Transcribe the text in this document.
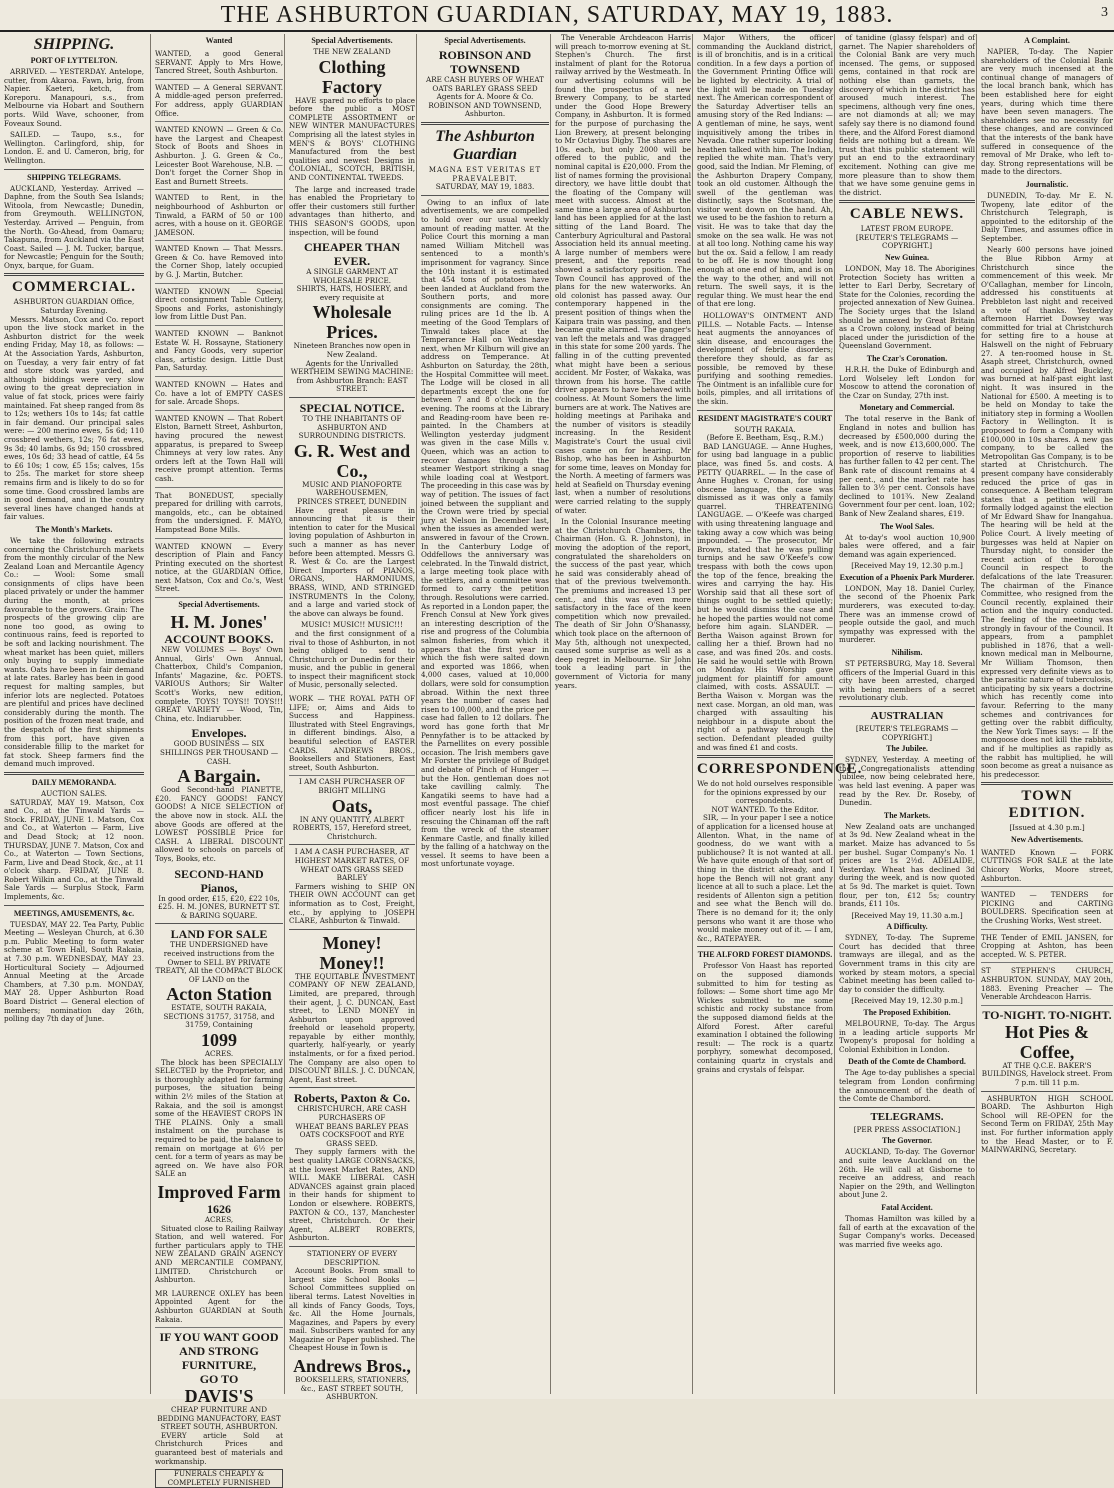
THE ASHBURTON GUARDIAN, SATURDAY, MAY 19, 1883.	3
SHIPPING.
PORT OF LYTTELTON.
ARRIVED. — YESTERDAY. Antelope, cutter, from Akaroa. Fawn, brig, from Napier. Kaeteri, ketch, from Koreporu. Manapouri, s.s., from Melbourne via Hobart and Southern ports. Wild Wave, schooner, from Foveaux Sound.
SAILED. — Taupo, s.s., for Wellington. Carlingford, ship, for London. E. and U. Cameron, brig, for Wellington.
SHIPPING TELEGRAMS.
AUCKLAND, Yesterday. Arrived — Daphne, from the South Sea Islands; Witoola, from Newcastle; Dunedin, from Greymouth. WELLINGTON, Yesterday. Arrived — Penguin, from the North. Go-Ahead, from Oamaru; Takapuna, from Auckland via the East Coast. Sailed — J. M. Tucker, barque, for Newcastle; Penguin for the South; Onyx, barque, for Guam.
COMMERCIAL.
ASHBURTON GUARDIAN Office, Saturday Evening.
Messrs. Matson, Cox and Co. report upon the live stock market in the Ashburton district for the week ending Friday, May 18, as follows: — At the Association Yards, Ashburton, on Tuesday, a very fair entry of fat and store stock was yarded, and although biddings were very slow owing to the great depreciation in value of fat stock, prices were fairly maintained. Fat sheep ranged from 8s to 12s; wethers 10s to 14s; fat cattle in fair demand. Our principal sales were: — 200 merino ewes, 5s 6d; 110 crossbred wethers, 12s; 76 fat ewes, 9s 3d; 40 lambs, 6s 9d; 150 crossbred ewes, 10s 6d; 33 head of cattle, £4 5s to £6 10s; 1 cow, £5 15s; calves, 15s to 25s. The market for store sheep remains firm and is likely to do so for some time. Good crossbred lambs are in good demand, and in the country several lines have changed hands at fair values.
The Month's Markets.
We take the following extracts concerning the Christchurch markets from the monthly circular of the New Zealand Loan and Mercantile Agency Co.: — Wool: Some small consignments of clips have been placed privately or under the hammer during the month, at prices favourable to the growers. Grain: The prospects of the growing clip are none too good, as owing to continuous rains, feed is reported to be soft and lacking nourishment. The wheat market has been quiet, millers only buying to supply immediate wants. Oats have been in fair demand at late rates. Barley has been in good request for malting samples, but inferior lots are neglected. Potatoes are plentiful and prices have declined considerably during the month. The position of the frozen meat trade, and the despatch of the first shipments from this port, have given a considerable fillip to the market for fat stock. Sheep farmers find the demand much improved.
DAILY MEMORANDA.
AUCTION SALES.
SATURDAY, MAY 19. Matson, Cox and Co., at the Tinwald Yards — Stock. FRIDAY, JUNE 1. Matson, Cox and Co., at Waterton — Farm, Live and Dead Stock; at 12 noon. THURSDAY, JUNE 7. Matson, Cox and Co., at Waterton — Town Sections, Farm, Live and Dead Stock, &c., at 11 o'clock sharp. FRIDAY, JUNE 8. Robert Wilkin and Co., at the Tinwald Sale Yards — Surplus Stock, Farm Implements, &c.
MEETINGS, AMUSEMENTS, &c.
TUESDAY, MAY 22. Tea Party, Public Meeting — Wesleyan Church, at 6.30 p.m. Public Meeting to form water scheme at Town Hall, South Rakaia, at 7.30 p.m. WEDNESDAY, MAY 23. Horticultural Society — Adjourned Annual Meeting at the Arcade Chambers, at 7.30 p.m. MONDAY, MAY 28. Upper Ashburton Road Board District — General election of members; nomination day 26th, polling day 7th day of June.
Wanted
WANTED, a good General SERVANT. Apply to Mrs Howe, Tancred Street, South Ashburton.
WANTED — A General SERVANT. A middle-aged person preferred. For address, apply GUARDIAN Office.
WANTED KNOWN — Green & Co. have the Largest and Cheapest Stock of Boots and Shoes in Ashburton. J. G. Green & Co., Leicester Boot Warehouse, N.B. — Don't forget the Corner Shop in East and Burnett Streets.
WANTED to Rent, in the neighbourhood of Ashburton or Tinwald, a FARM of 50 or 100 acres, with a house on it. GEORGE JAMESON.
WANTED Known — That Messrs. Green & Co. have Removed into the Corner Shop, lately occupied by G. J. Martin, Butcher.
WANTED KNOWN — Special direct consignment Table Cutlery, Spoons and Forks, astonishingly low from Little Dust Pan.
WANTED KNOWN — Banknot Estate W. H. Rossayne, Stationery and Fancy Goods, very superior class, artistic design. Little Dust Pan, Saturday.
WANTED KNOWN — Hates and Co. have a lot of EMPTY CASES for sale. Arcade Shops.
WANTED KNOWN — That Robert Elston, Barnett Street, Ashburton, having procured the newest apparatus, is prepared to Sweep Chimneys at very low rates. Any orders left at the Town Hall will receive prompt attention. Terms cash.
That BONEDUST, specially prepared for drilling with carrots, mangolds, etc., can be obtained from the undersigned. F. MAYO, Hampstead Bone Mills.
WANTED KNOWN — Every description of Plain and Fancy Printing executed on the shortest notice, at the GUARDIAN Office, next Matson, Cox and Co.'s, West Street.
Special Advertisements.
H. M. Jones'
ACCOUNT BOOKS.
NEW VOLUMES — Boys' Own Annual, Girls' Own Annual, Chatterbox, Child's Companion, Infants' Magazine, &c. POETS. VARIOUS Authors; Sir Walter Scott's Works, new edition, complete. TOYS! TOYS!! TOYS!!! GREAT VARIETY — Wood, Tin, China, etc. Indiarubber.
Envelopes.
GOOD BUSINESS — SIX SHILLINGS PER THOUSAND — CASH.
A Bargain.
Good Second-hand PIANETTE, £20. FANCY GOODS! FANCY GOODS! A NICE SELECTION of the above now in stock. ALL the above Goods are offered at the LOWEST POSSIBLE Price for CASH. A LIBERAL DISCOUNT allowed to schools on parcels of Toys, Books, etc.
SECOND-HAND Pianos,
In good order, £15, £20, £22 10s, £25. H. M. JONES, BURNETT ST. & BARING SQUARE.
LAND FOR SALE
THE UNDERSIGNED have received instructions from the Owner to SELL BY PRIVATE TREATY, All the COMPACT BLOCK OF LAND on the
Acton Station
ESTATE, SOUTH RAKAIA, SECTIONS 31757, 31758, and 31759, Containing
1099
ACRES.
The block has been SPECIALLY SELECTED by the Proprietor, and is thoroughly adapted for farming purposes, the situation being within 2½ miles of the Station at Rakaia, and the soil is amongst some of the HEAVIEST CROPS IN THE PLAINS. Only a small instalment on the purchase is required to be paid, the balance to remain on mortgage at 6½ per cent. for a term of years as may be agreed on. We have also FOR SALE an
Improved Farm
1626
ACRES,
Situated close to Railing Railway Station, and well watered. For further particulars apply to THE NEW ZEALAND GRAIN AGENCY AND MERCANTILE COMPANY, LIMITED. Christchurch or Ashburton.
MR LAURENCE OXLEY has been Appointed Agent for the Ashburton GUARDIAN at South Rakaia.
IF YOU WANT GOOD AND STRONG FURNITURE,
GO TO
DAVIS'S
CHEAP FURNITURE AND BEDDING MANUFACTORY, EAST STREET SOUTH, ASHBURTON.
EVERY article Sold at Christchurch Prices and guaranteed best of materials and workmanship.
FUNERALS CHEAPLY & COMPLETELY FURNISHED
Special Advertisements.
THE NEW ZEALAND
Clothing Factory
HAVE spared no efforts to place before the public a MOST COMPLETE ASSORTMENT or NEW WINTER MANUFACTURES Comprising all the latest styles in MEN'S & BOYS' CLOTHING Manufactured from the best qualities and newest Designs in COLONIAL, SCOTCH, BRITISH, AND CONTINENTAL TWEEDS.
The large and increased trade has enabled the Proprietary to offer their customers still further advantages than hitherto, and THIS SEASON'S GOODS, upon inspection, will be found
CHEAPER THAN EVER.
A SINGLE GARMENT AT WHOLESALE PRICE.
SHIRTS, HATS, HOSIERY, and every requisite at
Wholesale Prices.
Nineteen Branches now open in New Zealand.
Agents for the Unrivalled WERTHEIM SEWING MACHINE: from Ashburton Branch: EAST STREET.
SPECIAL NOTICE.
TO THE INHABITANTS OF ASHBURTON AND SURROUNDING DISTRICTS.
G. R. West and Co.,
MUSIC AND PIANOFORTE WAREHOUSEMEN,
PRINCES STREET, DUNEDIN
Have great pleasure in announcing that it is their intention to cater for the Musical loving population of Ashburton in such a manner as has never before been attempted. Messrs G. R. West & Co. are the Largest Direct Importers of PIANOS, ORGANS, HARMONIUMS, BRASS, WIND, AND STRINGED INSTRUMENTS In the Colony, and a large and varied stock of the above can always be found.
MUSIC! MUSIC!! MUSIC!!!
and the first consignment of a rival to those of Ashburton, in not being obliged to send to Christchurch or Dunedin for their music, and the public in general to inspect their magnificent stock of Music, personally selected.
WORK — THE ROYAL PATH OF LIFE; or, Aims and Aids to Success and Happiness. Illustrated with Steel Engravings, in different bindings. Also, a beautiful selection of EASTER CARDS. ANDREWS BROS., Booksellers and Stationers, East street, South Ashburton.
I AM CASH PURCHASER OF BRIGHT MILLING
Oats,
IN ANY QUANTITY, ALBERT ROBERTS, 157, Hereford street, Christchurch.
I AM A CASH PURCHASER, AT HIGHEST MARKET RATES, OF WHEAT OATS GRASS SEED BARLEY
Farmers wishing to SHIP ON THEIR OWN ACCOUNT can get information as to Cost, Freight, etc., by applying to JOSEPH CLARE, Ashburton & Tinwald.
Money! Money!!
THE EQUITABLE INVESTMENT COMPANY OF NEW ZEALAND, Limited, are prepared, through their agent, J. C. DUNCAN, East street, to LEND MONEY in Ashburton upon approved freehold or leasehold property, repayable by either monthly, quarterly, half-yearly, or yearly instalments, or for a fixed period. The Company are also open to DISCOUNT BILLS. J. C. DUNCAN, Agent, East street.
Roberts, Paxton & Co.
CHRISTCHURCH, ARE CASH PURCHASERS OF
WHEAT BEANS BARLEY PEAS OATS COCKSFOOT and RYE GRASS SEED.
They supply farmers with the best quality LARGE CORNSACKS, at the lowest Market Rates, AND WILL MAKE LIBERAL CASH ADVANCES against grain placed in their hands for shipment to London or elsewhere. ROBERTS, PAXTON & CO., 137, Manchester street, Christchurch. Or their Agent, ALBERT ROBERTS, Ashburton.
STATIONERY OF EVERY DESCRIPTION.
Account Books. From small to largest size School Books — School Committees supplied on liberal terms. Latest Novelties in all kinds of Fancy Goods, Toys, &c. All the Home Journals, Magazines, and Papers by every mail. Subscribers wanted for any Magazine or Paper published. The Cheapest House in Town is
Andrews Bros.,
BOOKSELLERS, STATIONERS, &c., EAST STREET SOUTH, ASHBURTON.
Special Advertisements.
ROBINSON AND TOWNSEND
ARE CASH BUYERS OF WHEAT OATS BARLEY GRASS SEED
Agents for A. Moore & Co. ROBINSON AND TOWNSEND, Ashburton.
The Ashburton Guardian
MAGNA EST VERITAS ET PRAEVALEBIT.
SATURDAY, MAY 19, 1883.
Owing to an influx of late advertisements, we are compelled to hold over our usual weekly amount of reading matter. At the Police Court this morning a man named William Mitchell was sentenced to a month's imprisonment for vagrancy. Since the 10th instant it is estimated that 454 tons of potatoes have been landed at Auckland from the Southern ports, and more consignments are coming. The ruling prices are 1d the lb. A meeting of the Good Templars of Tinwald takes place at the Temperance Hall on Wednesday next, when Mr Kilburn will give an address on Temperance. At Ashburton on Saturday, the 28th, the Hospital Committee will meet. The Lodge will be closed in all departments except the one for between 7 and 8 o'clock in the evening. The rooms at the Library and Reading-room have been re-painted. In the Chambers at Wellington yesterday judgment was given in the case Mills v. Queen, which was an action to recover damages through the steamer Westport striking a snag while loading coal at Westport. The proceeding in this case was by way of petition. The issues of fact joined between the suppliant and the Crown were tried by special jury at Nelson in December last, when the issues as amended were answered in favour of the Crown. In the Canterbury Lodge of Oddfellows the anniversary was celebrated. In the Tinwald district, a large meeting took place with the settlers, and a committee was formed to carry the petition through. Resolutions were carried. As reported in a London paper, the French Consul at New York gives an interesting description of the rise and progress of the Columbia salmon fisheries, from which it appears that the first year in which the fish were salted down and exported was 1866, when 4,000 cases, valued at 10,000 dollars, were sold for consumption abroad. Within the next three years the number of cases had risen to 100,000, and the price per case had fallen to 12 dollars. The word has gone forth that Mr Pennyfather is to be attacked by the Parnellites on every possible occasion. The Irish members gave Mr Forster the privilege of Budget and debate of Pinch of Hunger — but the Hon. gentleman does not take cavilling calmly. The Kangatiki seems to have had a most eventful passage. The chief officer nearly lost his life in rescuing the Chinaman off the raft from the wreck of the steamer Kenmare Castle, and finally killed by the falling of a hatchway on the vessel. It seems to have been a most unfortunate voyage.
The Venerable Archdeacon Harris will preach to-morrow evening at St. Stephen's Church. The first instalment of plant for the Rotorua railway arrived by the Westmeath. In our advertising columns will be found the prospectus of a new Brewery Company, to be started under the Good Hope Brewery Company, in Ashburton. It is formed for the purpose of purchasing the Lion Brewery, at present belonging to Mr Octavius Digby. The shares are 10s. each, but only 2000 will be offered to the public, and the nominal capital is £20,000. From the list of names forming the provisional directory, we have little doubt that the floating of the Company will meet with success. Almost at the same time a large area of Ashburton land has been applied for at the last sitting of the Land Board. The Canterbury Agricultural and Pastoral Association held its annual meeting. A large number of members were present, and the reports read showed a satisfactory position. The Town Council has approved of the plans for the new waterworks. An old colonist has passed away. Our contemporary happened in the present position of things when the Kaipara train was passing, and then became quite alarmed. The ganger's van left the metals and was dragged in this state for some 200 yards. The falling in of the cutting prevented what might have been a serious accident. Mr Foster, of Wakaka, was thrown from his horse. The cattle driver appears to have behaved with coolness. At Mount Somers the lime burners are at work. The Natives are holding meetings at Parihaka and the number of visitors is steadily increasing. In the Resident Magistrate's Court the usual civil cases came on for hearing. Mr Bishop, who has been in Ashburton for some time, leaves on Monday for the North. A meeting of farmers was held at Seafield on Thursday evening last, when a number of resolutions were carried relating to the supply of water.
In the Colonial Insurance meeting at the Christchurch Chambers, the Chairman (Hon. G. R. Johnston), in moving the adoption of the report, congratulated the shareholders on the success of the past year, which he said was considerably ahead of that of the previous twelvemonth. The premiums and increased 13 per cent., and this was even more satisfactory in the face of the keen competition which now prevailed. The death of Sir John O'Shanassy, which took place on the afternoon of May 5th, although not unexpected, caused some surprise as well as a deep regret in Melbourne. Sir John took a leading part in the government of Victoria for many years.
Major Withers, the officer commanding the Auckland district, is ill of bronchitis, and is in a critical condition. In a few days a portion of the Government Printing Office will be lighted by electricity. A trial of the light will be made on Tuesday next. The American correspondent of the Saturday Advertiser tells an amusing story of the Red Indians: — A gentleman of mine, he says, went inquisitively among the tribes in Nevada. One rather superior looking heathen talked with him. The Indian, replied the white man. That's very good, said the Indian. Mr Fleming, of the Ashburton Drapery Company, took an old customer. Although the swell of the gentleman was distinctly, says the Scotsman, the visitor went down on the hand. Ah, we used to be the fashion to return a visit. He was to take that day the smoke on the sea walk. He was not at all too long. Nothing came his way but the ox. Said a fellow, I am ready to be off. He is now thought long enough at one end of him, and is on the way to the other, and will not return. The swell says, it is the regular thing. We must hear the end of that ere long.
HOLLOWAY'S OINTMENT AND PILLS. — Notable Facts. — Intense heat augments the annoyances of skin disease, and encourages the development of febrile disorders; therefore they should, as far as possible, be removed by these purifying and soothing remedies. The Ointment is an infallible cure for boils, pimples, and all irritations of the skin.
RESIDENT MAGISTRATE'S COURT
SOUTH RAKAIA.
(Before E. Beetham, Esq., R.M.)
BAD LANGUAGE. — Anne Hughes, for using bad language in a public place, was fined 5s. and costs. A PETTY QUARREL. — In the case of Anne Hughes v. Cronan, for using obscene language, the case was dismissed as it was only a family quarrel. THREATENING LANGUAGE. — O'Keefe was charged with using threatening language and taking away a cow which was being impounded. — The prosecutor, Mr Brown, stated that he was pulling turnips and he saw O'Keefe's cow trespass with both the cows upon the top of the fence, breaking the wires and carrying the hay. His Worship said that all these sort of things ought to be settled quietly; but he would dismiss the case and he hoped the parties would not come before him again. SLANDER. — Bertha Waison against Brown for calling her a thief. Brown had no case, and was fined 20s. and costs. He said he would settle with Brown on Monday. His Worship gave judgment for plaintiff for amount claimed, with costs. ASSAULT. — Bertha Waison v. Morgan was the next case. Morgan, an old man, was charged with assaulting his neighbour in a dispute about the right of a pathway through the section. Defendant pleaded guilty and was fined £1 and costs.
CORRESPONDENCE.
We do not hold ourselves responsible for the opinions expressed by our correspondents.
NOT WANTED. To the Editor.
SIR, — In your paper I see a notice of application for a licensed house at Allenton. What, in the name of goodness, do we want with a publichouse? It is not wanted at all. We have quite enough of that sort of thing in the district already, and I hope the Bench will not grant any licence at all to such a place. Let the residents of Allenton sign a petition and see what the Bench will do. There is no demand for it; the only persons who want it are those who would make money out of it. — I am, &c., RATEPAYER.
THE ALFORD FOREST DIAMONDS.
Professor Von Haast has reported on the supposed diamonds submitted to him for testing as follows: — Some short time ago Mr Wickes submitted to me some schistic and rocky substance from the supposed diamond fields at the Alford Forest. After careful examination I obtained the following result: — The rock is a quartz porphyry, somewhat decomposed, containing quartz in crystals and grains and crystals of felspar.
of tanidine (glassy felspar) and of garnet. The Napier shareholders of the Colonial Bank are very much incensed. The gems, or supposed gems, contained in that rock are nothing else than garnets, the discovery of which in the district has aroused much interest. The specimens, although very fine ones, are not diamonds at all; we may safely say there is no diamond found there, and the Alford Forest diamond fields are nothing but a dream. We trust that this public statement will put an end to the extraordinary excitement. Nothing can give me more pleasure than to show them that we have some genuine gems in the district.
CABLE NEWS.
LATEST FROM EUROPE.
[REUTER'S TELEGRAMS — COPYRIGHT.]
New Guinea.
LONDON, May 18. The Aborigines Protection Society has written a letter to Earl Derby, Secretary of State for the Colonies, recording the projected annexation of New Guinea. The Society urges that the Island should be annexed by Great Britain as a Crown colony, instead of being placed under the jurisdiction of the Queensland Government.
The Czar's Coronation.
H.R.H. the Duke of Edinburgh and Lord Wolseley left London for Moscow to attend the coronation of the Czar on Sunday, 27th inst.
Monetary and Commercial.
The total reserve in the Bank of England in notes and bullion has decreased by £500,000 during the week, and is now £13,600,000. The proportion of reserve to liabilities has further fallen to 42 per cent. The Bank rate of discount remains at 4 per cent., and the market rate has fallen to 3½ per cent. Consols have declined to 101¾. New Zealand Government four per cent. loan, 102; Bank of New Zealand shares, £19.
The Wool Sales.
At to-day's wool auction 10,900 bales were offered, and a fair demand was again experienced.
[Received May 19, 12.30 p.m.]
Execution of a Phoenix Park Murderer.
LONDON, May 18. Daniel Curley, the second of the Phoenix Park murderers, was executed to-day. There was an immense crowd of people outside the gaol, and much sympathy was expressed with the murderer.
Nihilism.
ST PETERSBURG, May 18. Several officers of the Imperial Guard in this city have been arrested, charged with being members of a secret revolutionary club.
AUSTRALIAN
[REUTER'S TELEGRAMS — COPYRIGHT.]
The Jubilee.
SYDNEY, Yesterday. A meeting of the Congregationalists attending Jubilee, now being celebrated here, was held last evening. A paper was read by the Rev. Dr. Roseby, of Dunedin.
The Markets.
New Zealand oats are unchanged at 3s 9d. New Zealand wheat in the market. Maize has advanced to 5s per bushel. Sugar Company's No. 1 prices are 1s 2½d. ADELAIDE, Yesterday. Wheat has declined 3d during the week, and is now quoted at 5s 9d. The market is quiet. Town flour, per ton, £12 5s; country brands, £11 10s.
[Received May 19, 11.30 a.m.]
A Difficulty.
SYDNEY, To-day. The Supreme Court has decided that three tramways are illegal, and as the Government trams in this city are worked by steam motors, a special Cabinet meeting has been called to-day to consider the difficulty.
[Received May 19, 12.30 p.m.]
The Proposed Exhibition.
MELBOURNE, To-day. The Argus in a leading article supports Mr Twopeny's proposal for holding a Colonial Exhibition in London.
Death of the Comte de Chambord.
The Age to-day publishes a special telegram from London confirming the announcement of the death of the Comte de Chambord.
TELEGRAMS.
[PER PRESS ASSOCIATION.]
The Governor.
AUCKLAND, To-day. The Governor and suite leave Auckland on the 26th. He will call at Gisborne to receive an address, and reach Napier on the 29th, and Wellington about June 2.
Fatal Accident.
Thomas Hamilton was killed by a fall of earth at the excavation of the Sugar Company's works. Deceased was married five weeks ago.
A Complaint.
NAPIER, To-day. The Napier shareholders of the Colonial Bank are very much incensed at the continual change of managers of the local branch bank, which has been established here for eight years, during which time there have been seven managers. The shareholders see no necessity for these changes, and are convinced that the interests of the bank have suffered in consequence of the removal of Mr Drake, who left to-day. Strong representations will be made to the directors.
Journalistic.
DUNEDIN, To-day. Mr E. N. Twopeny, late editor of the Christchurch Telegraph, is appointed to the editorship of the Daily Times, and assumes office in September.
Nearly 600 persons have joined the Blue Ribbon Army at Christchurch since the commencement of this week. Mr O'Callaghan, member for Lincoln, addressed his constituents at Prebbleton last night and received a vote of thanks. Yesterday afternoon Harriet Dowsey was committed for trial at Christchurch for setting fire to a house at Halswell on the night of February 27. A ten-roomed house in St. Asaph street, Christchurch, owned and occupied by Alfred Buckley, was burned at half-past eight last night. It was insured in the National for £500. A meeting is to be held on Monday to take the initiatory step in forming a Woollen Factory in Wellington. It is proposed to form a Company with £100,000 in 10s shares. A new gas company, to be called the Metropolitan Gas Company, is to be started at Christchurch. The present company have considerably reduced the price of gas in consequence. A Beetham telegram states that a petition will be formally lodged against the election of Mr Edward Shaw for Inangahua. The hearing will be held at the Police Court. A lively meeting of burgesses was held at Napier on Thursday night, to consider the recent action of the Borough Council in respect to the defalcations of the late Treasurer. The chairman of the Finance Committee, who resigned from the Council recently, explained their action and the inquiry conducted. The feeling of the meeting was strongly in favour of the Council. It appears, from a pamphlet published in 1876, that a well-known medical man in Melbourne, Mr William Thomson, then expressed very definite views as to the parasitic nature of tuberculosis, anticipating by six years a doctrine which has recently come into favour. Referring to the many schemes and contrivances for getting over the rabbit difficulty, the New York Times says: — If the mongoose does not kill the rabbits, and if he multiplies as rapidly as the rabbit has multiplied, he will soon become as great a nuisance as his predecessor.
TOWN EDITION.
[Issued at 4.30 p.m.]
New Advertisements.
WANTED Known — FORK CUTTINGS FOR SALE at the late Chicory Works, Moore street, Ashburton.
WANTED — TENDERS for PICKING and CARTING BOULDERS. Specification seen at the Crushing Works, West street.
THE Tender of EMIL JANSEN, for Cropping at Ashton, has been accepted. W. S. PETER.
ST STEPHEN'S CHURCH, ASHBURTON. SUNDAY, MAY 20th, 1883. Evening Preacher — The Venerable Archdeacon Harris.
TO-NIGHT. TO-NIGHT.
Hot Pies & Coffee,
AT THE Q.C.E. BAKER'S BUILDINGS, Havelock street. From 7 p.m. till 11 p.m.
ASHBURTON HIGH SCHOOL BOARD. The Ashburton High School will RE-OPEN for the Second Term on FRIDAY, 25th May inst. For further information apply to the Head Master, or to F. MAINWARING, Secretary.
